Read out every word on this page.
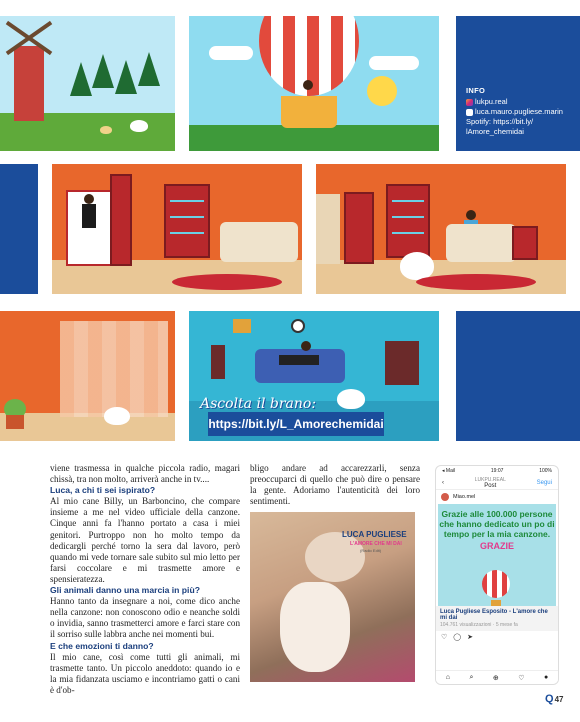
INFO
lukpu.real
luca.mauro.pugliese.marin
Spotify: https://bit.ly/
lAmore_chemidai
Ascolta il brano:
https://bit.ly/L_Amorechemidai

viene trasmessa in qualche piccola radio, magari chissà, tra non molto, arriverà anche in tv....

Luca, a chi ti sei ispirato?

Al mio cane Billy, un Barboncino, che compare insieme a me nel video ufficiale della canzone. Cinque anni fa l'hanno portato a casa i miei genitori. Purtroppo non ho molto tempo da dedicargli perché torno la sera dal lavoro, però quando mi vede tornare sale subito sul mio letto per farsi coccolare e mi trasmette amore e spensieratezza.

Gli animali danno una marcia in più?

Hanno tanto da insegnare a noi, come dico anche nella canzone: non conoscono odio e neanche soldi o invidia, sanno trasmetterci amore e farci stare con il sorriso sulle labbra anche nei momenti bui.

E che emozioni ti danno?

Il mio cane, così come tutti gli animali, mi trasmette tanto. Un piccolo aneddoto: quando io e la mia fidanzata usciamo e incontriamo gatti o cani è d'ob-

bligo andare ad accarezzarli, senza preoccuparci di quello che può dire o pensare la gente. Adoriamo l'autenticità dei loro sentimenti.
LUCA PUGLIESE
L'AMORE CHE MI DAI
(Radio Edit)
◂ Mail	19:07	100%
‹	LUKPU.REAL
Post	Segui
Miao.mel
Grazie alle 100.000 persone che hanno dedicato un po di tempo per la mia canzone.
GRAZIE
Luca Pugliese Esposito - L'amore che mi dai
104.761 visualizzazioni · 5 mese fa
♡ ◯ ➤
⌂	⌕	⊕	♡	●
Q 47
